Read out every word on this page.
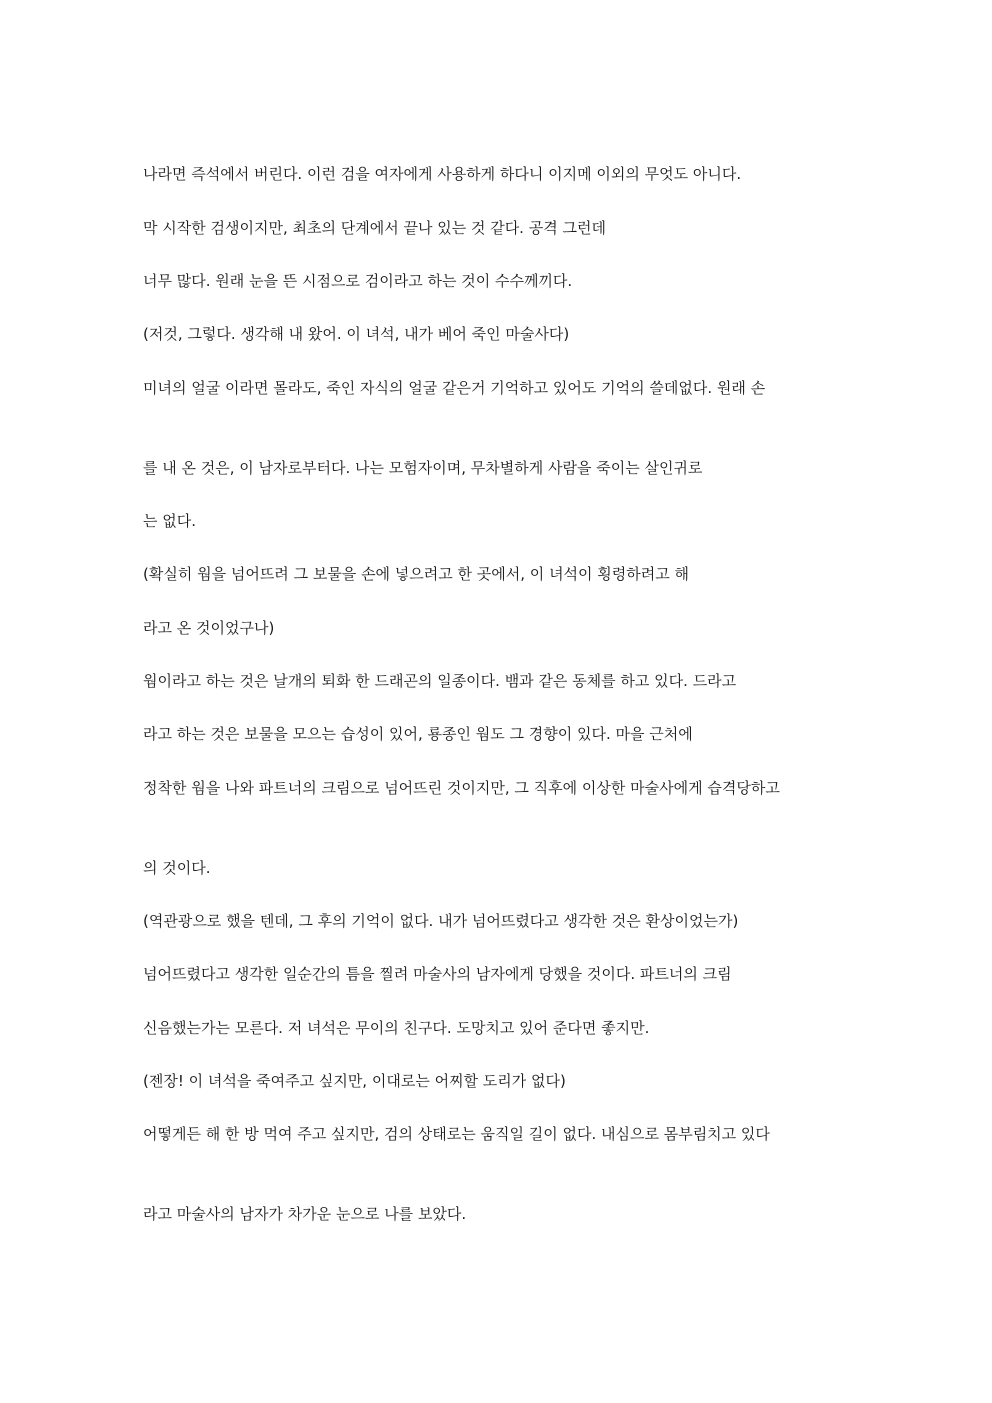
나라면 즉석에서 버린다. 이런 검을 여자에게 사용하게 하다니 이지메 이외의 무엇도 아니다.

막 시작한 검생이지만, 최초의 단계에서 끝나 있는 것 같다. 공격 그런데

너무 많다. 원래 눈을 뜬 시점으로 검이라고 하는 것이 수수께끼다.

(저것, 그렇다. 생각해 내 왔어. 이 녀석, 내가 베어 죽인 마술사다)

미녀의 얼굴 이라면 몰라도, 죽인 자식의 얼굴 같은거 기억하고 있어도 기억의 쓸데없다. 원래 손

를 내 온 것은, 이 남자로부터다. 나는 모험자이며, 무차별하게 사람을 죽이는 살인귀로

는 없다.

(확실히 웜을 넘어뜨려 그 보물을 손에 넣으려고 한 곳에서, 이 녀석이 횡령하려고 해

라고 온 것이었구나)

웜이라고 하는 것은 날개의 퇴화 한 드래곤의 일종이다. 뱀과 같은 동체를 하고 있다. 드라고

라고 하는 것은 보물을 모으는 습성이 있어, 룡종인 웜도 그 경향이 있다. 마을 근처에

정착한 웜을 나와 파트너의 크림으로 넘어뜨린 것이지만, 그 직후에 이상한 마술사에게 습격당하고

의 것이다.

(역관광으로 했을 텐데, 그 후의 기억이 없다. 내가 넘어뜨렸다고 생각한 것은 환상이었는가)

넘어뜨렸다고 생각한 일순간의 틈을 찔려 마술사의 남자에게 당했을 것이다. 파트너의 크림

신음했는가는 모른다. 저 녀석은 무이의 친구다. 도망치고 있어 준다면 좋지만.

(젠장! 이 녀석을 죽여주고 싶지만, 이대로는 어찌할 도리가 없다)

어떻게든 해 한 방 먹여 주고 싶지만, 검의 상태로는 움직일 길이 없다. 내심으로 몸부림치고 있다

라고 마술사의 남자가 차가운 눈으로 나를 보았다.
